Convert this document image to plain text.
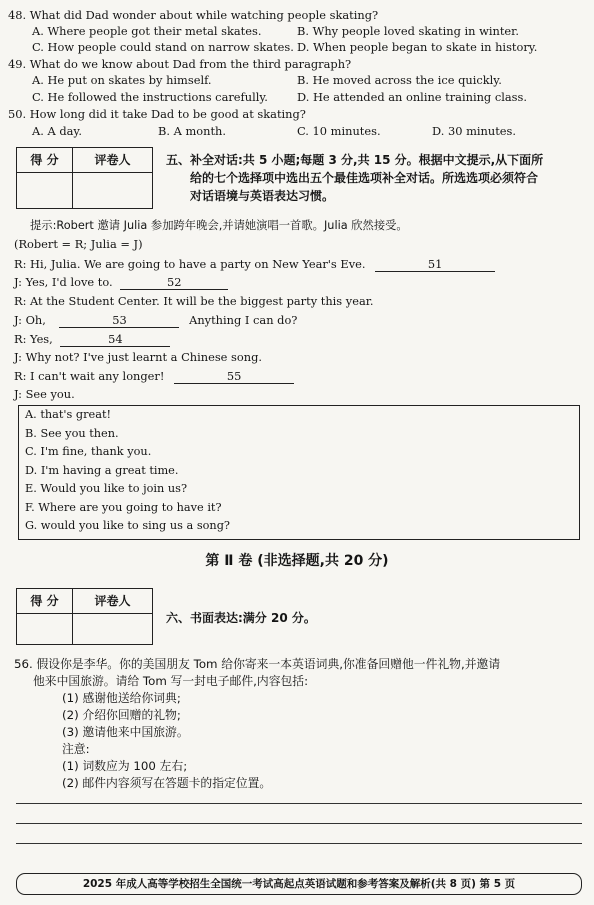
48. What did Dad wonder about while watching people skating?
A. Where people got their metal skates.	B. Why people loved skating in winter.
C. How people could stand on narrow skates. D. When people began to skate in history.
49. What do we know about Dad from the third paragraph?
A. He put on skates by himself.	B. He moved across the ice quickly.
C. He followed the instructions carefully.	D. He attended an online training class.
50. How long did it take Dad to be good at skating?
A. A day.	B. A month.	C. 10 minutes.	D. 30 minutes.
得 分	评卷人	五、补全对话:共 5 小题;每题 3 分,共 15 分。根据中文提示,从下面所
给的七个选择项中选出五个最佳选项补全对话。所选选项必须符合
对话语境与英语表达习惯。
提示:Robert 邀请 Julia 参加跨年晚会,并请她演唱一首歌。Julia 欣然接受。
(Robert = R; Julia = J)
R: Hi, Julia. We are going to have a party on New Year's Eve.	51
J: Yes, I'd love to.	52
R: At the Student Center. It will be the biggest party this year.
J: Oh,	53	Anything I can do?
R: Yes,	54
J: Why not? I've just learnt a Chinese song.
R: I can't wait any longer!	55
J: See you.
A. that's great!
B. See you then.
C. I'm fine, thank you.
D. I'm having a great time.
E. Would you like to join us?
F. Where are you going to have it?
G. would you like to sing us a song?
第 Ⅱ 卷 (非选择题,共 20 分)
得 分	评卷人
六、书面表达:满分 20 分。
56. 假设你是李华。你的美国朋友 Tom 给你寄来一本英语词典,你准备回赠他一件礼物,并邀请
他来中国旅游。请给 Tom 写一封电子邮件,内容包括:
(1) 感谢他送给你词典;
(2) 介绍你回赠的礼物;
(3) 邀请他来中国旅游。
注意:
(1) 词数应为 100 左右;
(2) 邮件内容须写在答题卡的指定位置。
2025 年成人高等学校招生全国统一考试高起点英语试题和参考答案及解析(共 8 页) 第 5 页
